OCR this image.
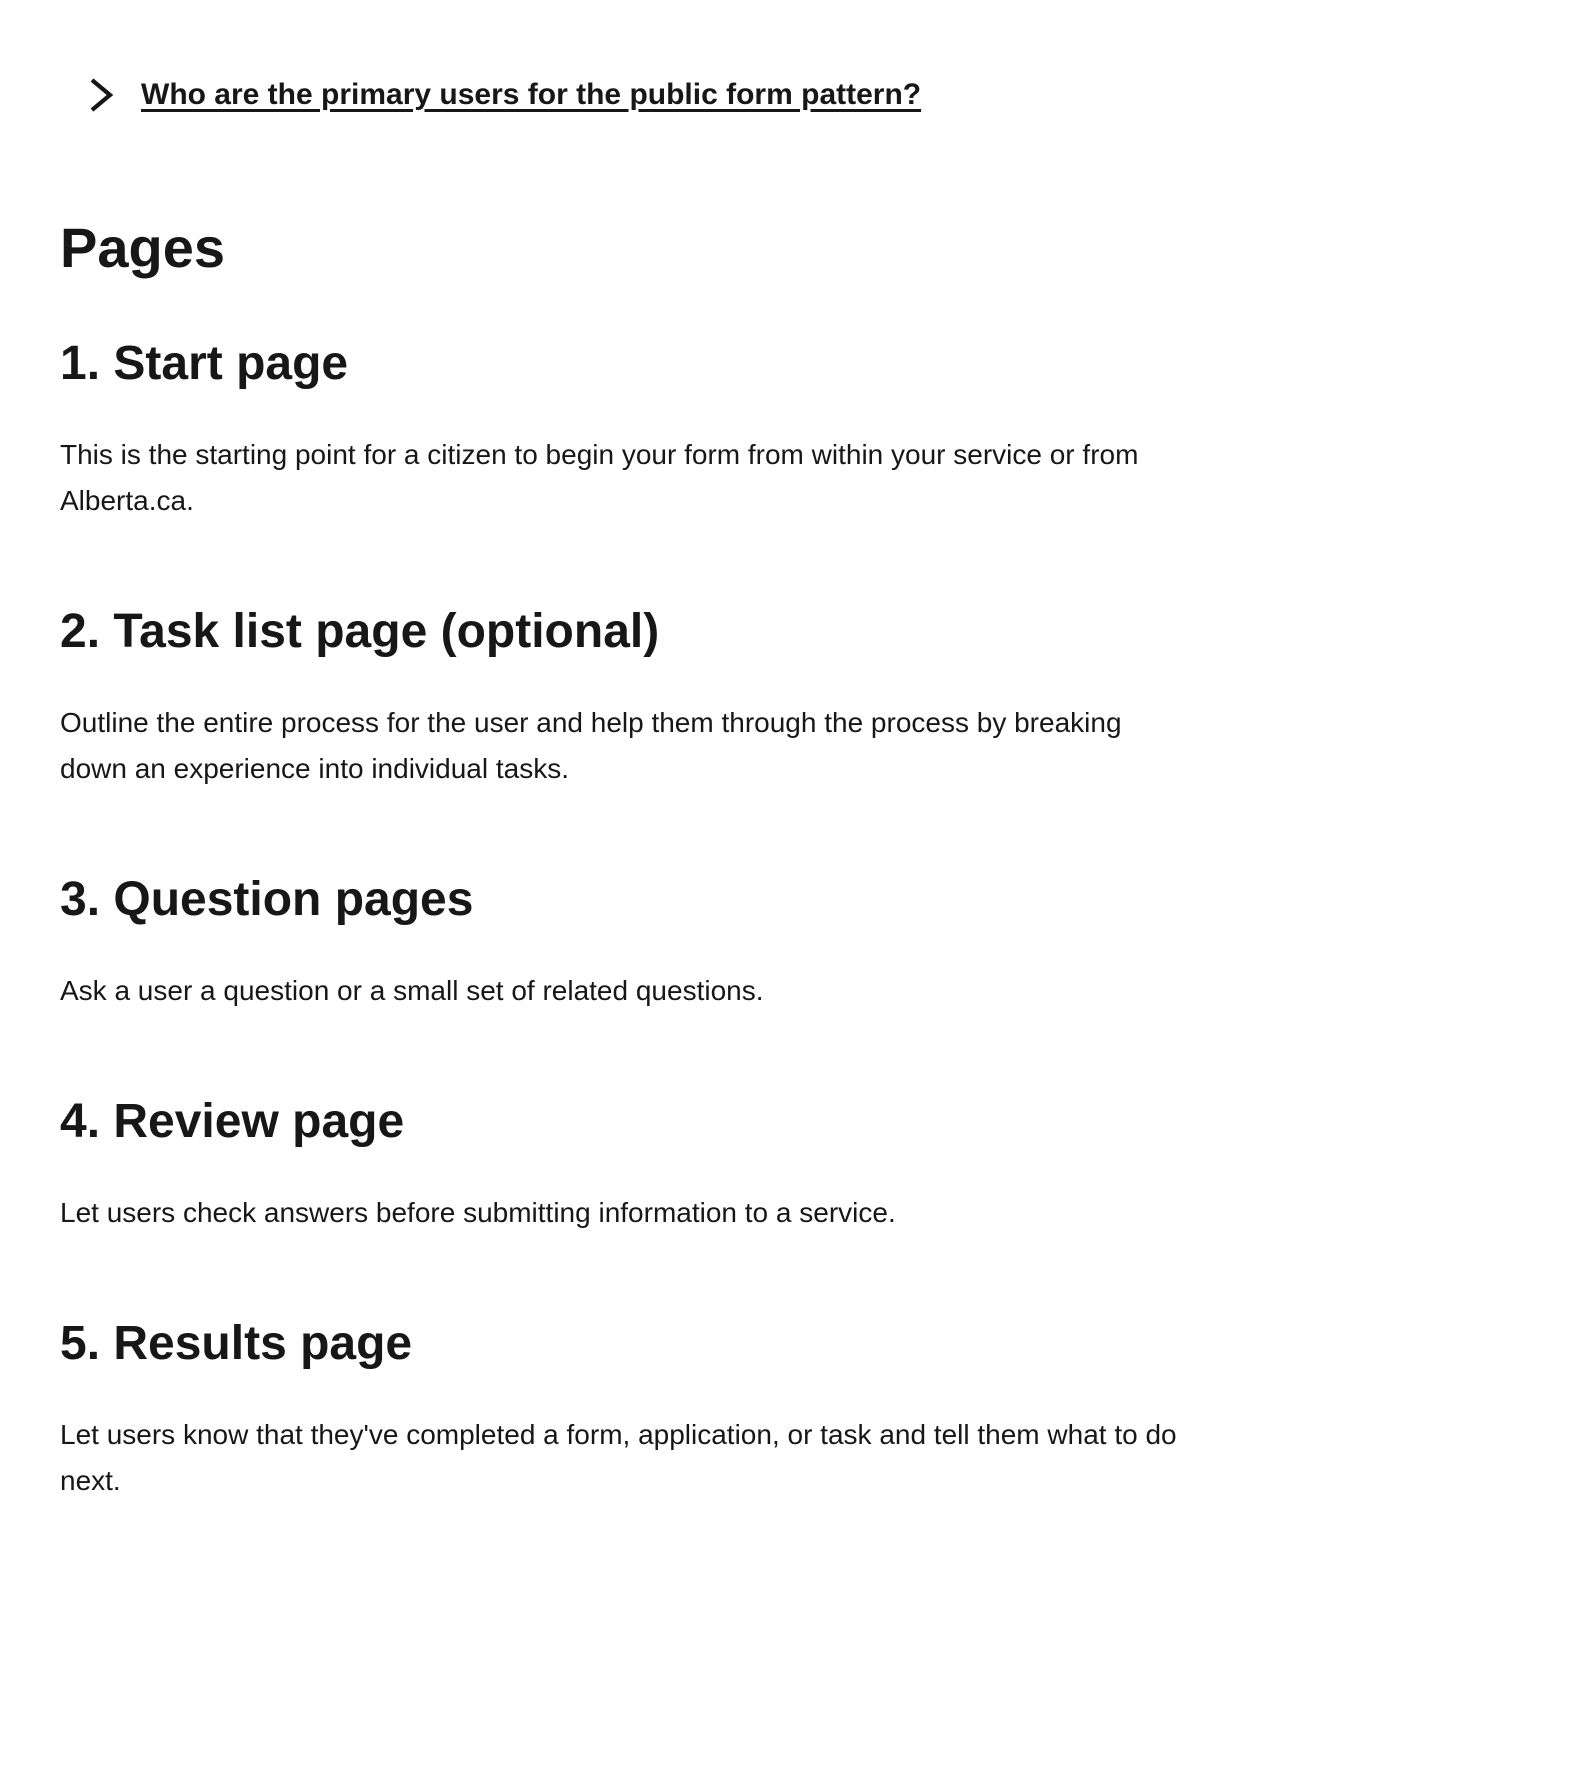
Who are the primary users for the public form pattern?
Pages
1. Start page

This is the starting point for a citizen to begin your form from within your service or from Alberta.ca.

2. Task list page (optional)

Outline the entire process for the user and help them through the process by breaking down an experience into individual tasks.

3. Question pages

Ask a user a question or a small set of related questions.

4. Review page

Let users check answers before submitting information to a service.

5. Results page

Let users know that they've completed a form, application, or task and tell them what to do next.
